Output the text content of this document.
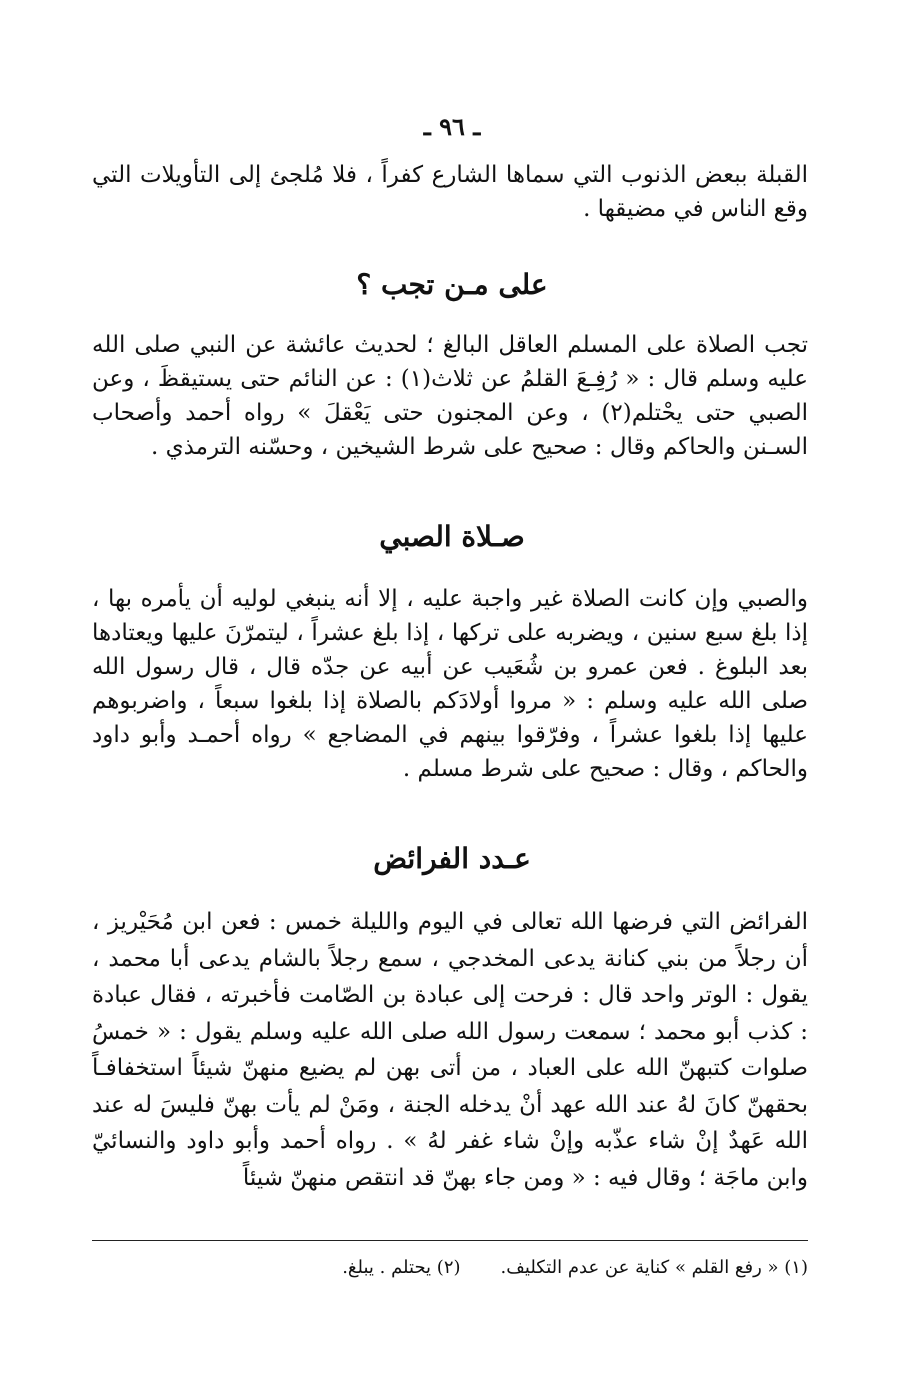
ـ ٩٦ ـ

القبلة ببعض الذنوب التي سماها الشارع كفراً ، فلا مُلجئ إلى التأويلات التي وقع الناس في مضيقها .

على مـن تجب ؟

تجب الصلاة على المسلم العاقل البالغ ؛ لحديث عائشة عن النبي صلى الله عليه وسلم قال : « رُفِـعَ القلمُ عن ثلاث(١) : عن النائم حتى يستيقظَ ، وعن الصبي حتى يحْتلم(٢) ، وعن المجنون حتى يَعْقلَ » رواه أحمد وأصحاب السـنن والحاكم وقال : صحيح على شرط الشيخين ، وحسّنه الترمذي .

صـلاة الصبي

والصبي وإن كانت الصلاة غير واجبة عليه ، إلا أنه ينبغي لوليه أن يأمره بها ، إذا بلغ سبع سنين ، ويضربه على تركها ، إذا بلغ عشراً ، ليتمرّنَ عليها ويعتادها بعد البلوغ . فعن عمرو بن شُعَيب عن أبيه عن جدّه قال ، قال رسول الله صلى الله عليه وسلم : « مروا أولادَكم بالصلاة إذا بلغوا سبعاً ، واضربوهم عليها إذا بلغوا عشراً ، وفرّقوا بينهم في المضاجع » رواه أحمـد وأبو داود والحاكم ، وقال : صحيح على شرط مسلم .

عـدد الفرائض

الفرائض التي فرضها الله تعالى في اليوم والليلة خمس : فعن ابن مُحَيْريز ، أن رجلاً من بني كنانة يدعى المخدجي ، سمع رجلاً بالشام يدعى أبا محمد ، يقول : الوتر واحد قال : فرحت إلى عبادة بن الصّامت فأخبرته ، فقال عبادة : كذب أبو محمد ؛ سمعت رسول الله صلى الله عليه وسلم يقول : « خمسُ صلوات كتبهنّ الله على العباد ، من أتى بهن لم يضيع منهنّ شيئاً استخفافـاً بحقهنّ كانَ لهُ عند الله عهد أنْ يدخله الجنة ، ومَنْ لم يأت بهنّ فليسَ له عند الله عَهدٌ إنْ شاء عذّبه وإنْ شاء غفر لهُ » . رواه أحمد وأبو داود والنسائيّ وابن ماجَة ؛ وقال فيه : « ومن جاء بهنّ قد انتقص منهنّ شيئاً

(١) « رفع القلم » كناية عن عدم التكليف.(٢) يحتلم . يبلغ.
